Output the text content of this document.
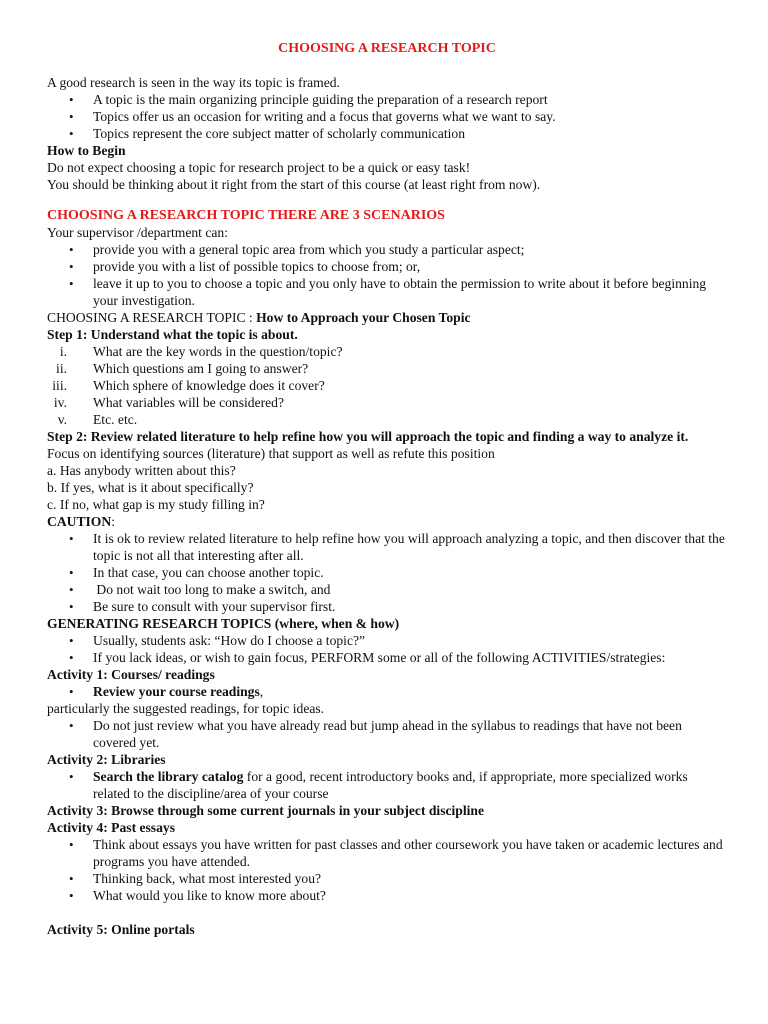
CHOOSING A RESEARCH TOPIC

A good research is seen in the way its topic is framed.

• A topic is the main organizing principle guiding the preparation of a research report
• Topics offer us an occasion for writing and a focus that governs what we want to say.
• Topics represent the core subject matter of scholarly communication

How to Begin

Do not expect choosing a topic for research project to be a quick or easy task!

You should be thinking about it right from the start of this course (at least right from now).

CHOOSING A RESEARCH TOPIC THERE ARE 3 SCENARIOS

Your supervisor /department can:

• provide you with a general topic area from which you study a particular aspect;
• provide you with a list of possible topics to choose from; or,
• leave it up to you to choose a topic and you only have to obtain the permission to write about it before beginning your investigation.

CHOOSING A RESEARCH TOPIC : How to Approach your Chosen Topic

Step 1: Understand what the topic is about.

i. What are the key words in the question/topic?
ii. Which questions am I going to answer?
iii. Which sphere of knowledge does it cover?
iv. What variables will be considered?
v. Etc. etc.

Step 2: Review related literature to help refine how you will approach the topic and finding a way to analyze it.

Focus on identifying sources (literature) that support as well as refute this position

a. Has anybody written about this?

b. If yes, what is it about specifically?

c. If no, what gap is my study filling in?

CAUTION:

• It is ok to review related literature to help refine how you will approach analyzing a topic, and then discover that the topic is not all that interesting after all.
• In that case, you can choose another topic.
•  Do not wait too long to make a switch, and
• Be sure to consult with your supervisor first.

GENERATING RESEARCH TOPICS (where, when & how)

• Usually, students ask: “How do I choose a topic?”
• If you lack ideas, or wish to gain focus, PERFORM some or all of the following ACTIVITIES/strategies:

Activity 1: Courses/ readings

• Review your course readings,

particularly the suggested readings, for topic ideas.

• Do not just review what you have already read but jump ahead in the syllabus to readings that have not been covered yet.

Activity 2: Libraries

• Search the library catalog for a good, recent introductory books and, if appropriate, more specialized works related to the discipline/area of your course

Activity 3: Browse through some current journals in your subject discipline

Activity 4: Past essays

• Think about essays you have written for past classes and other coursework you have taken or academic lectures and programs you have attended.
• Thinking back, what most interested you?
• What would you like to know more about?

Activity 5: Online portals
